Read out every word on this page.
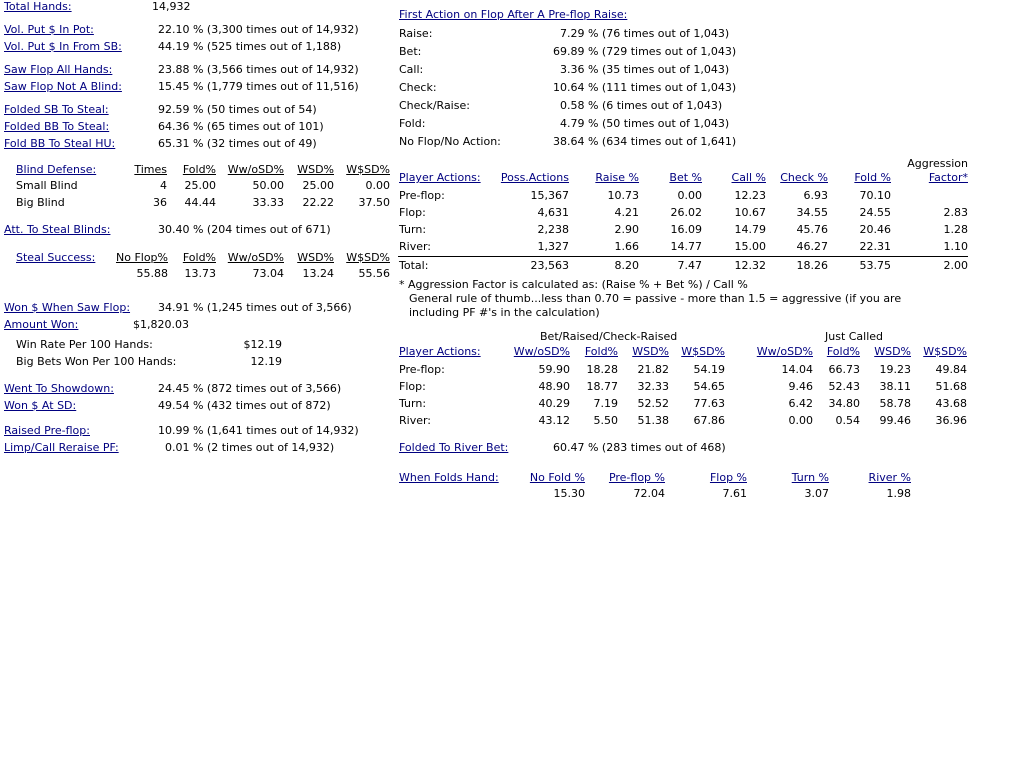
Total Hands:	14,932
Vol. Put $ In Pot:	22.10 % (3,300 times out of 14,932)
Vol. Put $ In From SB:	44.19 % (525 times out of 1,188)
Saw Flop All Hands:	23.88 % (3,566 times out of 14,932)
Saw Flop Not A Blind:	15.45 % (1,779 times out of 11,516)
Folded SB To Steal:	92.59 % (50 times out of 54)
Folded BB To Steal:	64.36 % (65 times out of 101)
Fold BB To Steal HU:	65.31 % (32 times out of 49)
Blind Defense:	Times	Fold%	Ww/oSD%	WSD%	W$SD%
Small Blind	4	25.00	50.00	25.00	0.00
Big Blind	36	44.44	33.33	22.22	37.50
Att. To Steal Blinds:	30.40 % (204 times out of 671)
Steal Success:	No Flop%	Fold%	Ww/oSD%	WSD%	W$SD%
55.88	13.73	73.04	13.24	55.56
Won $ When Saw Flop:	34.91 % (1,245 times out of 3,566)
Amount Won:	$1,820.03
Win Rate Per 100 Hands:	$12.19
Big Bets Won Per 100 Hands:	12.19
Went To Showdown:	24.45 % (872 times out of 3,566)
Won $ At SD:	49.54 % (432 times out of 872)
Raised Pre-flop:	10.99 % (1,641 times out of 14,932)
Limp/Call Reraise PF:	0.01 % (2 times out of 14,932)
First Action on Flop After A Pre-flop Raise:
Raise:	7.29 % (76 times out of 1,043)
Bet:	69.89 % (729 times out of 1,043)
Call:	3.36 % (35 times out of 1,043)
Check:	10.64 % (111 times out of 1,043)
Check/Raise:	0.58 % (6 times out of 1,043)
Fold:	4.79 % (50 times out of 1,043)
No Flop/No Action:	38.64 % (634 times out of 1,641)
Aggression
Player Actions:	Poss.Actions	Raise %	Bet %	Call %	Check %	Fold %	Factor*
Pre-flop:	15,367	10.73	0.00	12.23	6.93	70.10
Flop:	4,631	4.21	26.02	10.67	34.55	24.55	2.83
Turn:	2,238	2.90	16.09	14.79	45.76	20.46	1.28
River:	1,327	1.66	14.77	15.00	46.27	22.31	1.10
Total:	23,563	8.20	7.47	12.32	18.26	53.75	2.00
* Aggression Factor is calculated as: (Raise % + Bet %) / Call %
General rule of thumb...less than 0.70 = passive - more than 1.5 = aggressive (if you are
including PF #'s in the calculation)
Bet/Raised/Check-Raised	Just Called
Player Actions:	Ww/oSD%	Fold%	WSD%	W$SD%	Ww/oSD%	Fold%	WSD%	W$SD%
Pre-flop:	59.90	18.28	21.82	54.19	14.04	66.73	19.23	49.84
Flop:	48.90	18.77	32.33	54.65	9.46	52.43	38.11	51.68
Turn:	40.29	7.19	52.52	77.63	6.42	34.80	58.78	43.68
River:	43.12	5.50	51.38	67.86	0.00	0.54	99.46	36.96
Folded To River Bet:	60.47 % (283 times out of 468)
When Folds Hand:	No Fold %	Pre-flop %	Flop %	Turn %	River %
15.30	72.04	7.61	3.07	1.98
